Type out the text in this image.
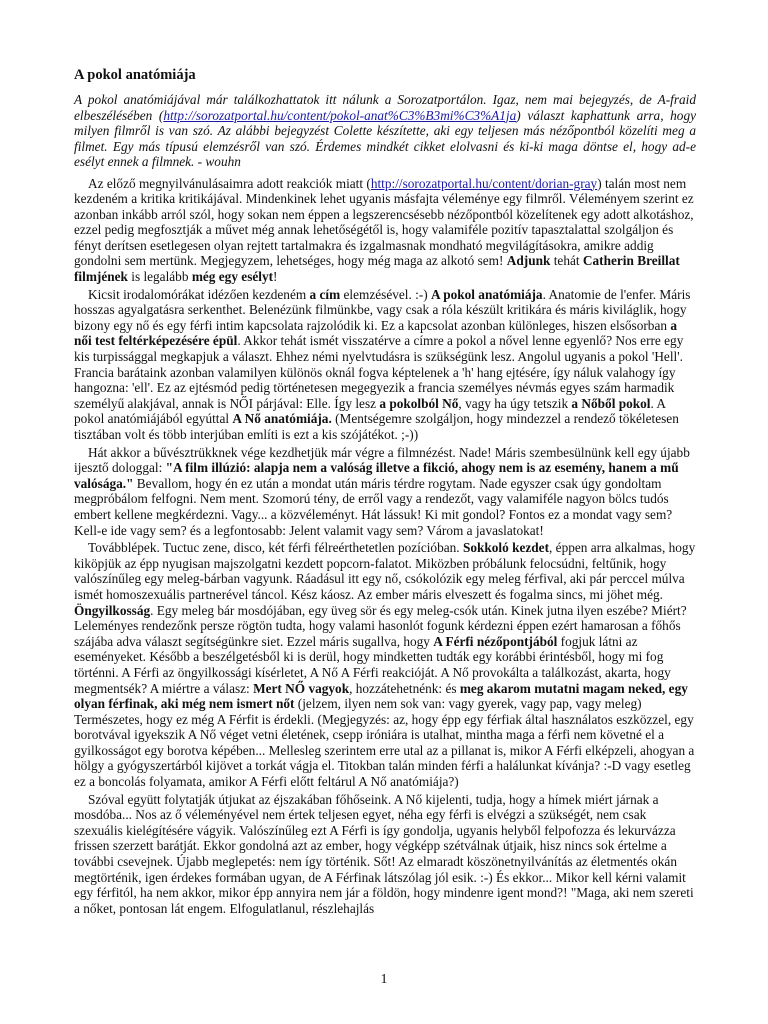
A pokol anatómiája
A pokol anatómiájával már találkozhattatok itt nálunk a Sorozatportálon. Igaz, nem mai bejegyzés, de A-fraid elbeszélésében (http://sorozatportal.hu/content/pokol-anat%C3%B3mi%C3%A1ja) választ kaphattunk arra, hogy milyen filmről is van szó. Az alábbi bejegyzést Colette készítette, aki egy teljesen más nézőpontból közelíti meg a filmet. Egy más típusú elemzésről van szó. Érdemes mindkét cikket elolvasni és ki-ki maga döntse el, hogy ad-e esélyt ennek a filmnek. - wouhn

Az előző megnyilvánulásaimra adott reakciók miatt (http://sorozatportal.hu/content/dorian-gray) talán most nem kezdeném a kritika kritikájával. Mindenkinek lehet ugyanis másfajta véleménye egy filmről. Véleményem szerint ez azonban inkább arról szól, hogy sokan nem éppen a legszerencsésebb nézőpontból közelítenek egy adott alkotáshoz, ezzel pedig megfosztják a művet még annak lehetőségétől is, hogy valamiféle pozitív tapasztalattal szolgáljon és fényt derítsen esetlegesen olyan rejtett tartalmakra és izgalmasnak mondható megvilágításokra, amikre addig gondolni sem mertünk. Megjegyzem, lehetséges, hogy még maga az alkotó sem! Adjunk tehát Catherin Breillat filmjének is legalább még egy esélyt!

Kicsit irodalomórákat idézően kezdeném a cím elemzésével. :-) A pokol anatómiája. Anatomie de l'enfer. Máris hosszas agyalgatásra serkenthet. Belenézünk filmünkbe, vagy csak a róla készült kritikára és máris kiviláglik, hogy bizony egy nő és egy férfi intim kapcsolata rajzolódik ki. Ez a kapcsolat azonban különleges, hiszen elsősorban a női test feltérképezésére épül. Akkor tehát ismét visszatérve a címre a pokol a nővel lenne egyenlő? Nos erre egy kis turpissággal megkapjuk a választ. Ehhez némi nyelvtudásra is szükségünk lesz. Angolul ugyanis a pokol 'Hell'. Francia barátaink azonban valamilyen különös oknál fogva képtelenek a 'h' hang ejtésére, így náluk valahogy így hangozna: 'ell'. Ez az ejtésmód pedig történetesen megegyezik a francia személyes névmás egyes szám harmadik személyű alakjával, annak is NŐI párjával: Elle. Így lesz a pokolból Nő, vagy ha úgy tetszik a Nőből pokol. A pokol anatómiájából egyúttal A Nő anatómiája. (Mentségemre szolgáljon, hogy mindezzel a rendező tökéletesen tisztában volt és több interjúban említi is ezt a kis szójátékot. ;-))

Hát akkor a bűvésztrükknek vége kezdhetjük már végre a filmnézést. Nade! Máris szembesülnünk kell egy újabb ijesztő dologgal: "A film illúzió: alapja nem a valóság illetve a fikció, ahogy nem is az esemény, hanem a mű valósága." Bevallom, hogy én ez után a mondat után máris térdre rogytam. Nade egyszer csak úgy gondoltam megpróbálom felfogni. Nem ment. Szomorú tény, de erről vagy a rendezőt, vagy valamiféle nagyon bölcs tudós embert kellene megkérdezni. Vagy... a közvéleményt. Hát lássuk! Ki mit gondol? Fontos ez a mondat vagy sem? Kell-e ide vagy sem? és a legfontosabb: Jelent valamit vagy sem? Várom a javaslatokat!

Továbblépek. Tuctuc zene, disco, két férfi félreérthetetlen pozícióban. Sokkoló kezdet, éppen arra alkalmas, hogy kiköpjük az épp nyugisan majszolgatni kezdett popcorn-falatot. Miközben próbálunk felocsúdni, feltűnik, hogy valószínűleg egy meleg-bárban vagyunk. Ráadásul itt egy nő, csókolózik egy meleg férfival, aki pár perccel múlva ismét homoszexuális partnerével táncol. Kész káosz. Az ember máris elveszett és fogalma sincs, mi jöhet még. Öngyilkosság. Egy meleg bár mosdójában, egy üveg sör és egy meleg-csók után. Kinek jutna ilyen eszébe? Miért? Leleményes rendezőnk persze rögtön tudta, hogy valami hasonlót fogunk kérdezni éppen ezért hamarosan a főhős szájába adva választ segítségünkre siet. Ezzel máris sugallva, hogy A Férfi nézőpontjából fogjuk látni az eseményeket. Később a beszélgetésből ki is derül, hogy mindketten tudták egy korábbi érintésből, hogy mi fog történni. A Férfi az öngyilkossági kísérletet, A Nő A Férfi reakcióját. A Nő provokálta a találkozást, akarta, hogy megmentsék? A miértre a válasz: Mert NŐ vagyok, hozzátehetnénk: és meg akarom mutatni magam neked, egy olyan férfinak, aki még nem ismert nőt (jelzem, ilyen nem sok van: vagy gyerek, vagy pap, vagy meleg) Természetes, hogy ez még A Férfit is érdekli. (Megjegyzés: az, hogy épp egy férfiak által használatos eszközzel, egy borotvával igyekszik A Nő véget vetni életének, csepp iróniára is utalhat, mintha maga a férfi nem követné el a gyilkosságot egy borotva képében... Mellesleg szerintem erre utal az a pillanat is, mikor A Férfi elképzeli, ahogyan a hölgy a gyógyszertárból kijövet a torkát vágja el. Titokban talán minden férfi a halálunkat kívánja? :-D vagy esetleg ez a boncolás folyamata, amikor A Férfi előtt feltárul A Nő anatómiája?)

Szóval együtt folytatják útjukat az éjszakában főhőseink. A Nő kijelenti, tudja, hogy a hímek miért járnak a mosdóba... Nos az ő véleményével nem értek teljesen egyet, néha egy férfi is elvégzi a szükségét, nem csak szexuális kielégítésére vágyik. Valószínűleg ezt A Férfi is így gondolja, ugyanis helyből felpofozza és lekurvázza frissen szerzett barátját. Ekkor gondolná azt az ember, hogy végképp szétválnak útjaik, hisz nincs sok értelme a további csevejnek. Újabb meglepetés: nem így történik. Sőt! Az elmaradt köszönetnyilvánítás az életmentés okán megtörténik, igen érdekes formában ugyan, de A Férfinak látszólag jól esik. :-) És ekkor... Mikor kell kérni valamit egy férfitól, ha nem akkor, mikor épp annyira nem jár a földön, hogy mindenre igent mond?! "Maga, aki nem szereti a nőket, pontosan lát engem. Elfogulatlanul, részlehajlás

1
